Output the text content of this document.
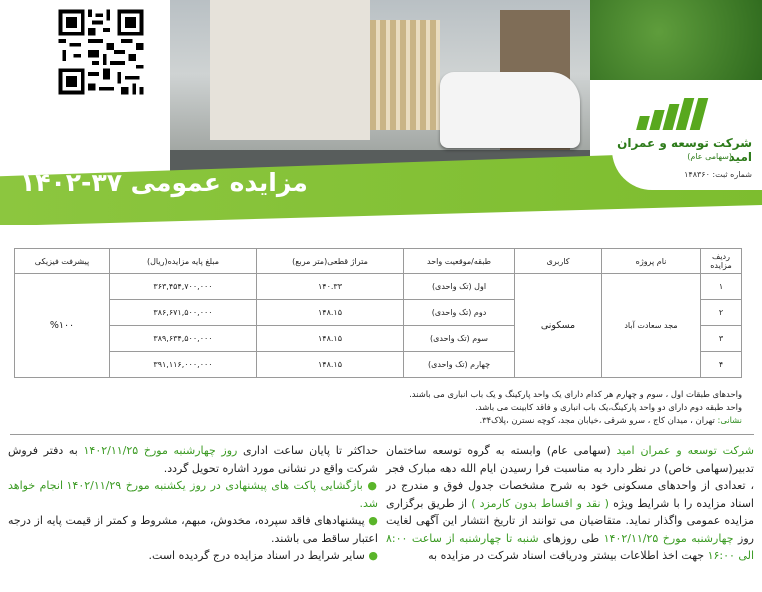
مزایده عمومی ۳۷-۱۴۰۲
شرکت توسعه و عمران امید
(سهامی عام)
شماره ثبت: ۱۴۸۳۶۰
ردیف مزایده	نام پروژه	کاربری	طبقه/موقعیت واحد	متراژ قطعی(متر مربع)	مبلغ پایه مزایده(ریال)	پیشرفت فیزیکی
۱	مجد سعادت آباد	مسکونی	اول (تک واحدی)	۱۴۰.۳۳	۳۶۳,۴۵۴,۷۰۰,۰۰۰	%۱۰۰
۲			دوم (تک واحدی)	۱۴۸.۱۵	۳۸۶,۶۷۱,۵۰۰,۰۰۰	
۳			سوم (تک واحدی)	۱۴۸.۱۵	۳۸۹,۶۳۴,۵۰۰,۰۰۰	
۴			چهارم (تک واحدی)	۱۴۸.۱۵	۳۹۱,۱۱۶,۰۰۰,۰۰۰	
واحدهای طبقات اول ، سوم و چهارم هر کدام دارای یک واحد پارکینگ و یک باب انباری می باشند.
واحد طبقه دوم دارای دو واحد پارکینگ،یک باب انباری و فاقد کابینت می باشد.
نشانی: تهران ، میدان کاج ، سرو شرقی ،خیابان مجد، کوچه نسترن ،پلاک۳۴.
شرکت توسعه و عمران امید (سهامی عام) وابسته به گروه توسعه ساختمان تدبیر(سهامی خاص) در نظر دارد به مناسبت فرا رسیدن ایام الله دهه مبارک فجر ، تعدادی از واحدهای مسکونی خود به شرح مشخصات جدول فوق و مندرج در اسناد مزایده را با شرایط ویژه ( نقد و اقساط بدون کارمزد ) از طریق برگزاری مزایده عمومی واگذار نماید. متقاضیان می توانند از تاریخ انتشار این آگهی لغایت روز چهارشنبه مورخ ۱۴۰۲/۱۱/۲۵ طی روزهای شنبه تا چهارشنبه از ساعت ۸:۰۰ الی ۱۶:۰۰ جهت اخذ اطلاعات بیشتر ودریافت اسناد شرکت در مزایده به
حداکثر تا پایان ساعت اداری روز چهارشنبه مورخ ۱۴۰۲/۱۱/۲۵ به دفتر فروش شرکت واقع در نشانی مورد اشاره تحویل گردد.
● بازگشایی پاکت های پیشنهادی در روز یکشنبه مورخ ۱۴۰۲/۱۱/۲۹ انجام خواهد شد.
● پیشنهادهای فاقد سپرده، مخدوش، مبهم، مشروط و کمتر از قیمت پایه از درجه اعتبار ساقط می باشند.
● سایر شرایط در اسناد مزایده درج گردیده است.
